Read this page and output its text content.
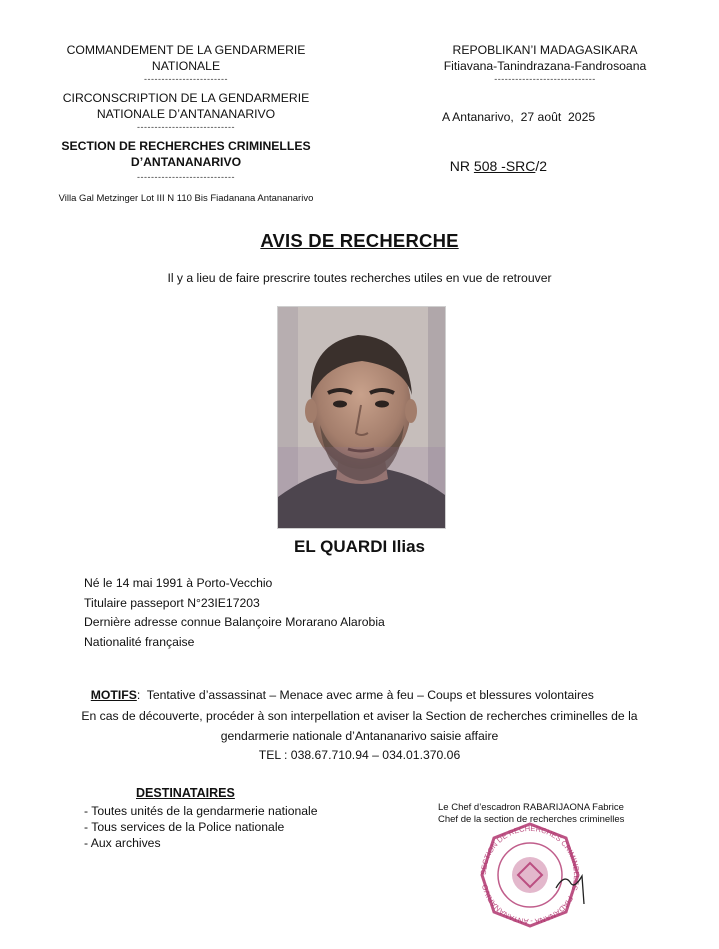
COMMANDEMENT DE LA GENDARMERIE
NATIONALE
------------------------
CIRCONSCRIPTION DE LA GENDARMERIE
NATIONALE D’ANTANANARIVO
----------------------------
SECTION DE RECHERCHES CRIMINELLES
D’ANTANANARIVO
----------------------------
Villa Gal Metzinger Lot III N 110 Bis Fiadanana Antananarivo
REPOBLIKAN’I MADAGASIKARA
Fitiavana-Tanindrazana-Fandrosoana
-----------------------------
A Antanarivo,  27 août  2025

NR 508 -SRC/2

AVIS DE RECHERCHE
Il y a lieu de faire prescrire toutes recherches utiles en vue de retrouver
EL QUARDI Ilias
Né le 14 mai 1991 à Porto-Vecchio
Titulaire passeport N°23IE17203
Dernière adresse connue Balançoire Morarano Alarobia
Nationalité française

MOTIFS:  Tentative d’assassinat – Menace avec arme à feu – Coups et blessures volontaires

En cas de découverte, procéder à son interpellation et aviser la Section de recherches criminelles de la
gendarmerie nationale d’Antananarivo saisie affaire
TEL : 038.67.710.94 – 034.01.370.06
DESTINATAIRES
- Toutes unités de la gendarmerie nationale
- Tous services de la Police nationale
- Aux archives
Le Chef d’escadron RABARIJAONA Fabrice
Chef de la section de recherches criminelles
SECTION DE RECHERCHES CRIMINELLES · FIADANANA - ANTANANARIVO ·
